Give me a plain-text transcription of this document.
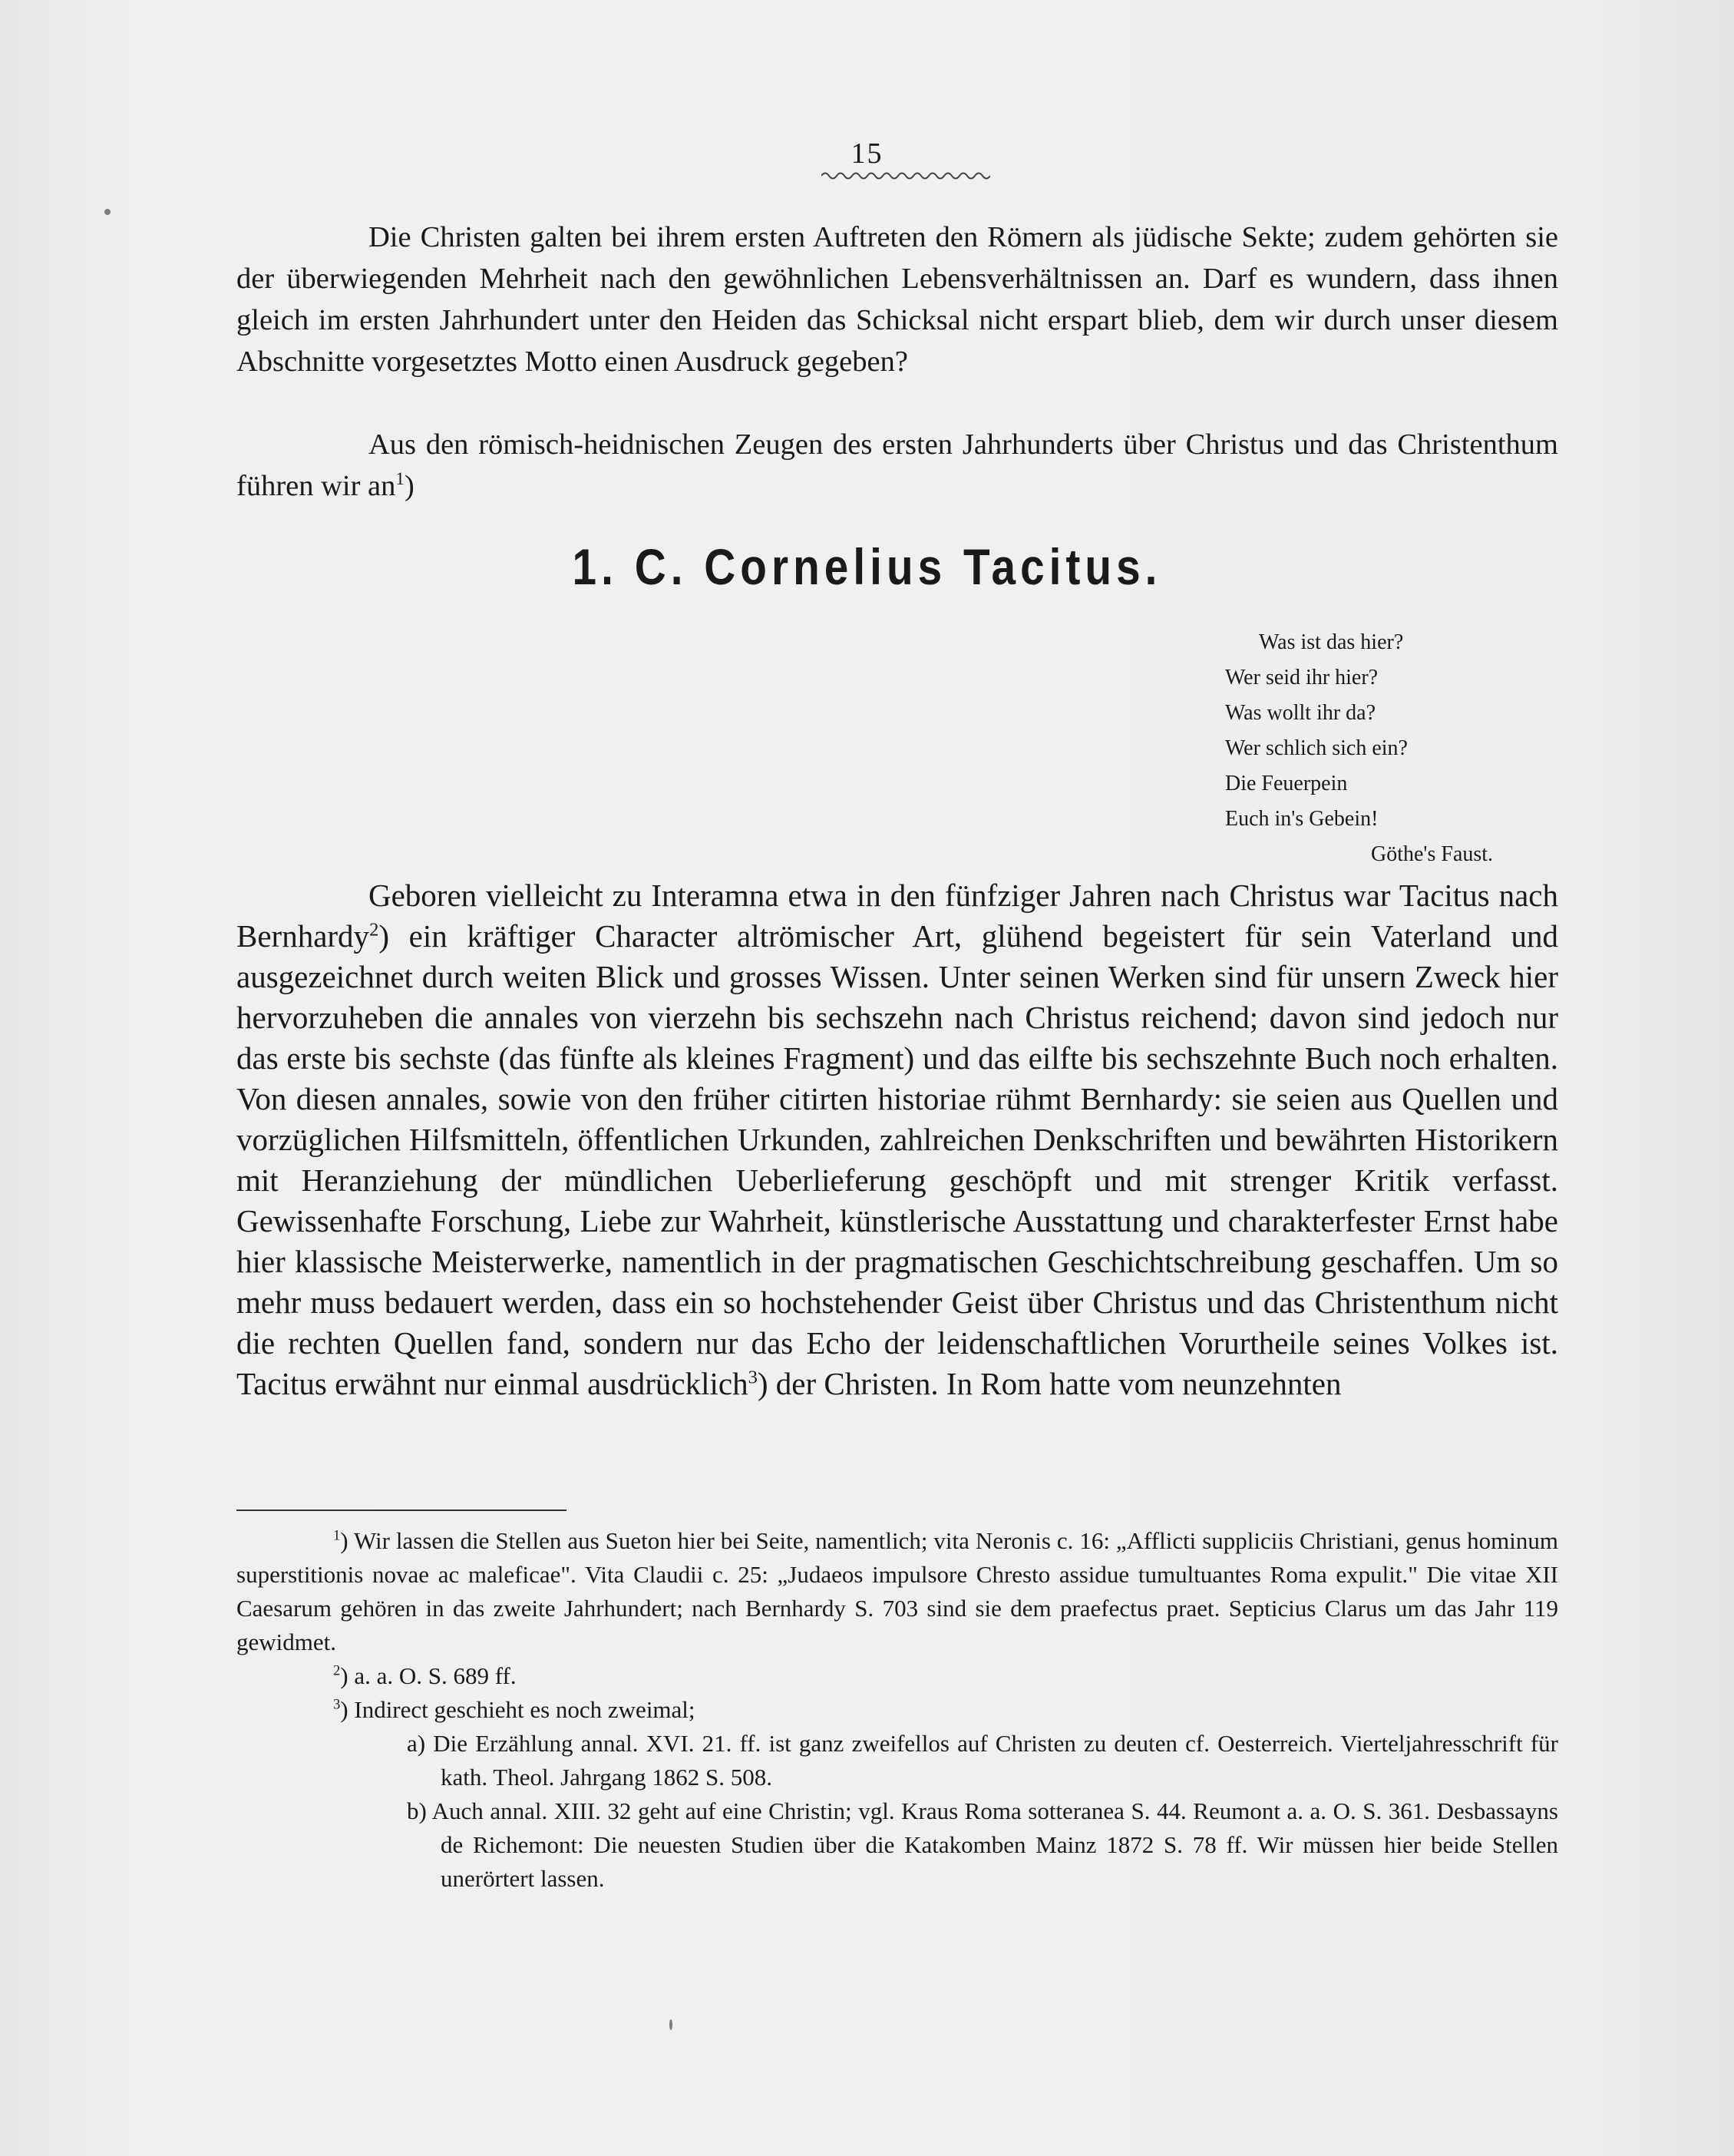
15

Die Christen galten bei ihrem ersten Auftreten den Römern als jüdische Sekte; zudem gehörten sie der überwiegenden Mehrheit nach den gewöhnlichen Lebensverhältnissen an. Darf es wundern, dass ihnen gleich im ersten Jahrhundert unter den Heiden das Schicksal nicht erspart blieb, dem wir durch unser diesem Abschnitte vorgesetztes Motto einen Ausdruck gegeben?

Aus den römisch-heidnischen Zeugen des ersten Jahrhunderts über Christus und das Christenthum führen wir $an^1$)

1. C. Cornelius Tacitus.
Was ist das hier?
Wer seid ihr hier?
Was wollt ihr da?
Wer schlich sich ein?
Die Feuerpein
Euch in's Gebein!
Göthe's Faust.

Geboren vielleicht zu Interamna etwa in den fünfziger Jahren nach Christus war Tacitus nach Bernhardy$^2$) ein kräftiger Character altrömischer Art, glühend begeistert für sein Vaterland und ausgezeichnet durch weiten Blick und grosses Wissen. Unter seinen Werken sind für unsern Zweck hier hervorzuheben die annales von vierzehn bis sechszehn nach Christus reichend; davon sind jedoch nur das erste bis sechste (das fünfte als kleines Fragment) und das eilfte bis sechszehnte Buch noch erhalten. Von diesen annales, sowie von den früher citirten historiae rühmt Bernhardy: sie seien aus Quellen und vorzüglichen Hilfsmitteln, öffentlichen Urkunden, zahlreichen Denkschriften und bewährten Historikern mit Heranziehung der mündlichen Ueberlieferung geschöpft und mit strenger Kritik verfasst. Gewissenhafte Forschung, Liebe zur Wahrheit, künstlerische Ausstattung und charakterfester Ernst habe hier klassische Meisterwerke, namentlich in der pragmatischen Geschichtschreibung geschaffen. Um so mehr muss bedauert werden, dass ein so hochstehender Geist über Christus und das Christenthum nicht die rechten Quellen fand, sondern nur das Echo der leidenschaftlichen Vorurtheile seines Volkes ist. Tacitus erwähnt nur einmal ausdrücklich$^3$) der Christen. In Rom hatte vom neunzehnten

$^1$) Wir lassen die Stellen aus Sueton hier bei Seite, namentlich; vita Neronis c. 16: „Afflicti suppliciis Christiani, genus hominum superstitionis novae ac maleficae". Vita Claudii c. 25: „Judaeos impulsore Chresto assidue tumultuantes Roma expulit." Die vitae XII Caesarum gehören in das zweite Jahrhundert; nach Bernhardy S. 703 sind sie dem praefectus praet. Septicius Clarus um das Jahr 119 gewidmet.

$^2$) a. a. O. S. 689 ff.

$^3$) Indirect geschieht es noch zweimal;

a) Die Erzählung annal. XVI. 21. ff. ist ganz zweifellos auf Christen zu deuten cf. Oesterreich. Vierteljahresschrift für kath. Theol. Jahrgang 1862 S. 508.

b) Auch annal. XIII. 32 geht auf eine Christin; vgl. Kraus Roma sotteranea S. 44. Reumont a. a. O. S. 361. Desbassayns de Richemont: Die neuesten Studien über die Katakomben Mainz 1872 S. 78 ff. Wir müssen hier beide Stellen unerörtert lassen.
